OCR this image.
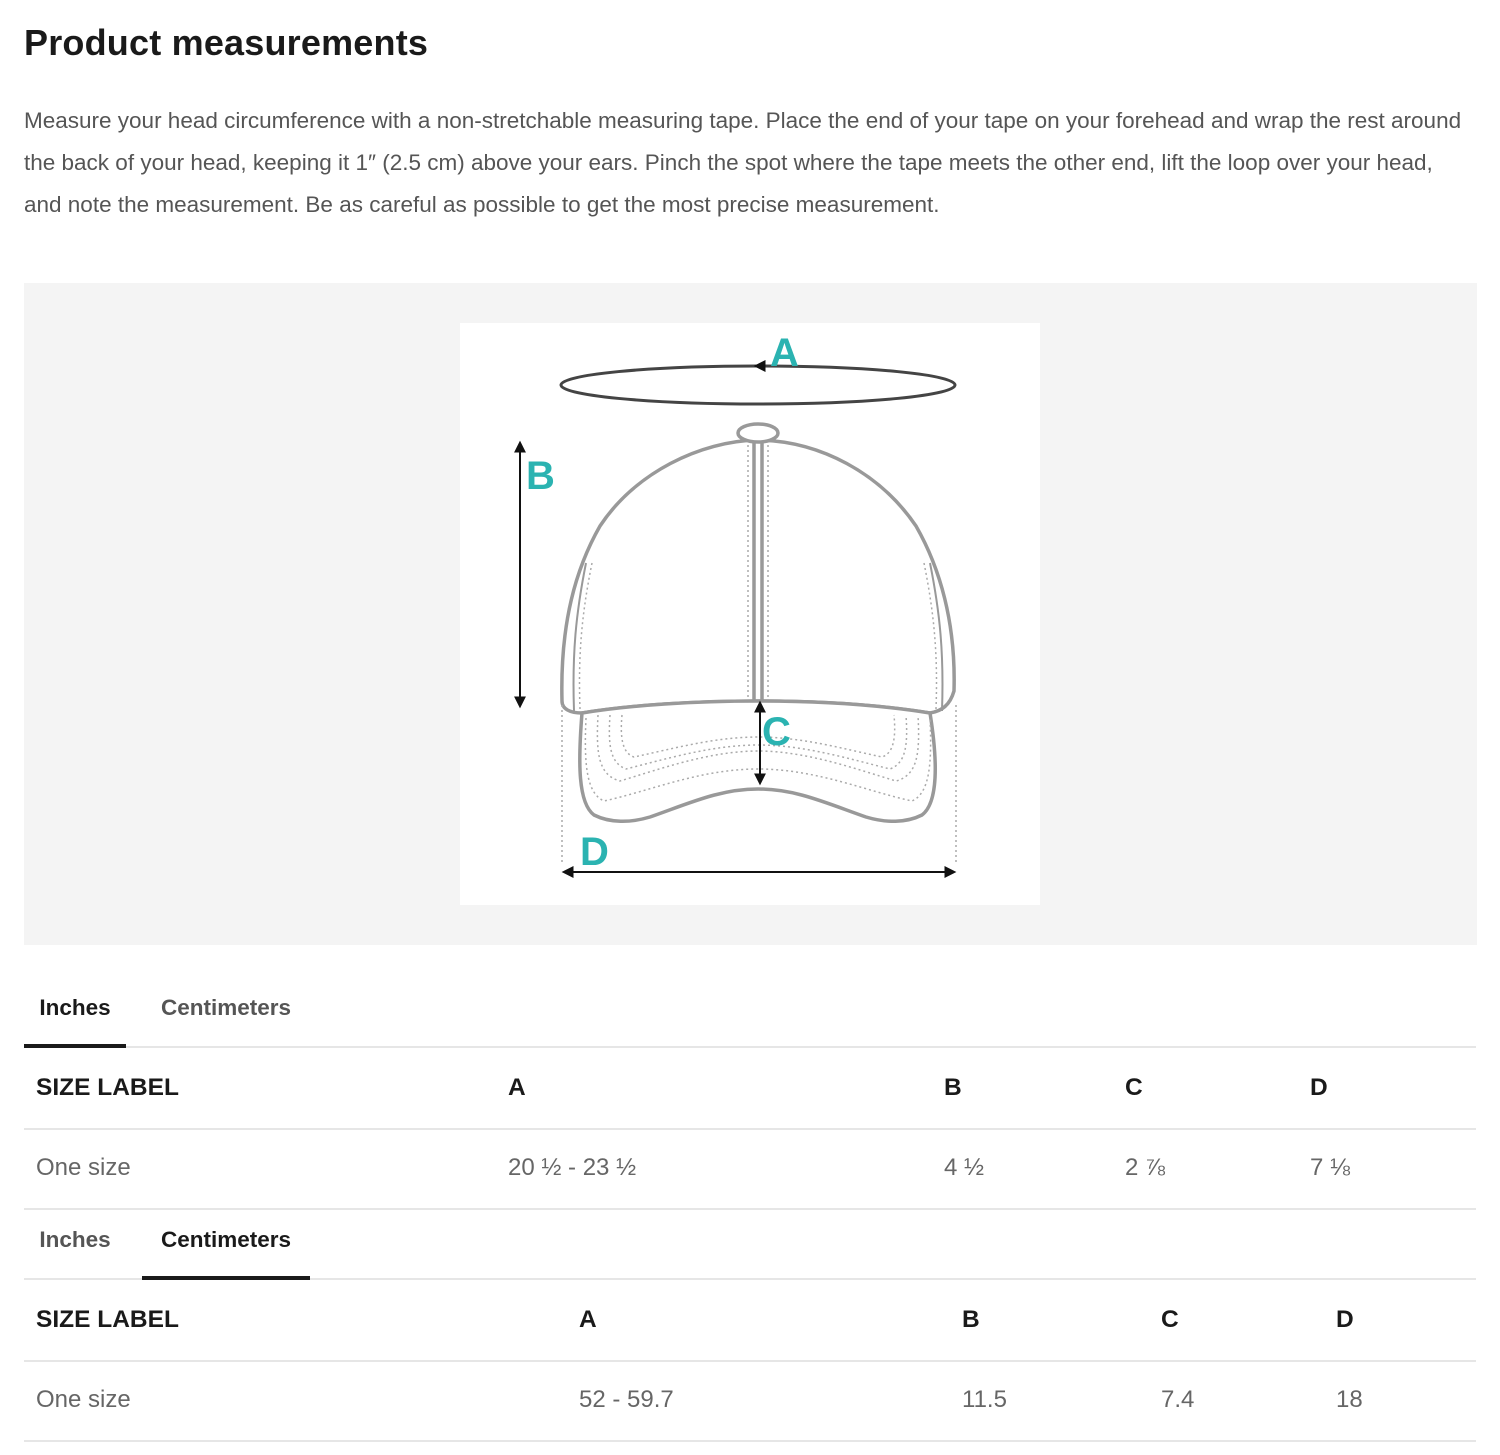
Product measurements

Measure your head circumference with a non-stretchable measuring tape. Place the end of your tape on your forehead and wrap the rest around the back of your head, keeping it 1″ (2.5 cm) above your ears. Pinch the spot where the tape meets the other end, lift the loop over your head, and note the measurement. Be as careful as possible to get the most precise measurement.

A
B
C
D
Inches	Centimeters
SIZE LABEL	A	B	C	D
One size	20 ½ - 23 ½	4 ½	2 ⅞	7 ⅛
Inches	Centimeters
SIZE LABEL	A	B	C	D
One size	52 - 59.7	11.5	7.4	18
